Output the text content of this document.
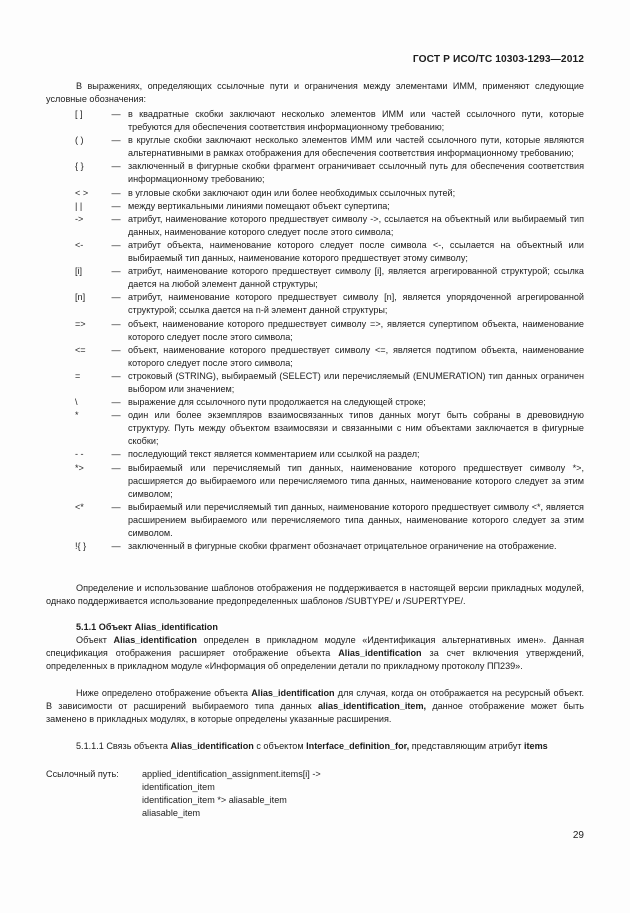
ГОСТ Р ИСО/ТС 10303-1293—2012
В выражениях, определяющих ссылочные пути и ограничения между элементами ИММ, применяют следующие условные обозначения:
[ ]	— в квадратные скобки заключают несколько элементов ИММ или частей ссылочного пути, которые требуются для обеспечения соответствия информационному требованию;
( )	— в круглые скобки заключают несколько элементов ИММ или частей ссылочного пути, которые являются альтернативными в рамках отображения для обеспечения соответствия информационному требованию;
{ }	— заключенный в фигурные скобки фрагмент ограничивает ссылочный путь для обеспечения соответствия информационному требованию;
< >	— в угловые скобки заключают один или более необходимых ссылочных путей;
| |	— между вертикальными линиями помещают объект супертипа;
->	— атрибут, наименование которого предшествует символу ->, ссылается на объектный или выбираемый тип данных, наименование которого следует после этого символа;
<-	— атрибут объекта, наименование которого следует после символа <-, ссылается на объектный или выбираемый тип данных, наименование которого предшествует этому символу;
[i]	— атрибут, наименование которого предшествует символу [i], является агрегированной структурой; ссылка дается на любой элемент данной структуры;
[n]	— атрибут, наименование которого предшествует символу [n], является упорядоченной агрегированной структурой; ссылка дается на n-й элемент данной структуры;
=>	— объект, наименование которого предшествует символу =>, является супертипом объекта, наименование которого следует после этого символа;
<=	— объект, наименование которого предшествует символу <=, является подтипом объекта, наименование которого следует после этого символа;
=	— строковый (STRING), выбираемый (SELECT) или перечисляемый (ENUMERATION) тип данных ограничен выбором или значением;
\	— выражение для ссылочного пути продолжается на следующей строке;
*	— один или более экземпляров взаимосвязанных типов данных могут быть собраны в древовидную структуру. Путь между объектом взаимосвязи и связанными с ним объектами заключается в фигурные скобки;
- -	— последующий текст является комментарием или ссылкой на раздел;
*>	— выбираемый или перечисляемый тип данных, наименование которого предшествует символу *>, расширяется до выбираемого или перечисляемого типа данных, наименование которого следует за этим символом;
<*	— выбираемый или перечисляемый тип данных, наименование которого предшествует символу <*, является расширением выбираемого или перечисляемого типа данных, наименование которого следует за этим символом.
!{ }	— заключенный в фигурные скобки фрагмент обозначает отрицательное ограничение на отображение.
Определение и использование шаблонов отображения не поддерживается в настоящей версии прикладных модулей, однако поддерживается использование предопределенных шаблонов /SUBTYPE/ и /SUPERTYPE/.
5.1.1 Объект Alias_identification
Объект Alias_identification определен в прикладном модуле «Идентификация альтернативных имен». Данная спецификация отображения расширяет отображение объекта Alias_identification за счет включения утверждений, определенных в прикладном модуле «Информация об определении детали по прикладному протоколу ПП239».
Ниже определено отображение объекта Alias_identification для случая, когда он отображается на ресурсный объект. В зависимости от расширений выбираемого типа данных alias_identification_item, данное отображение может быть заменено в прикладных модулях, в которые определены указанные расширения.
5.1.1.1 Связь объекта Alias_identification с объектом Interface_definition_for, представляющим атрибут items
Ссылочный путь:	applied_identification_assignment.items[i] ->
identification_item
identification_item *> aliasable_item
aliasable_item
29
